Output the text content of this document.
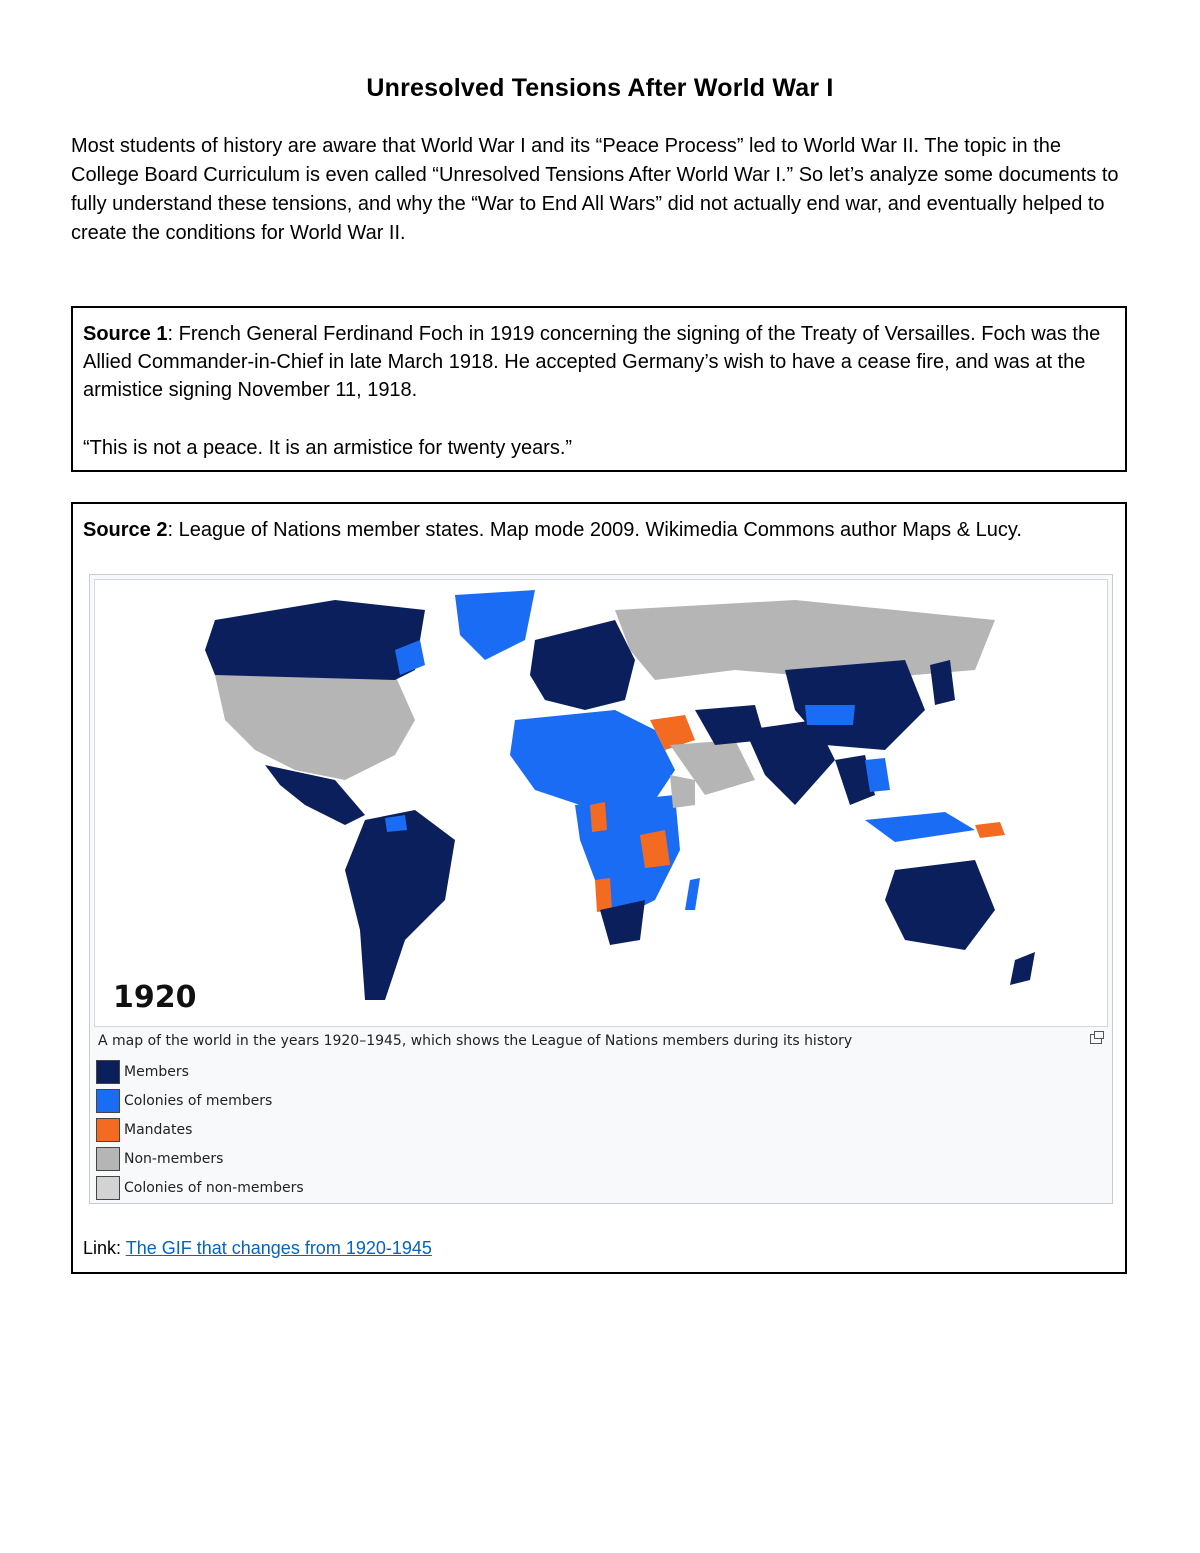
Unresolved Tensions After World War I
Most students of history are aware that World War I and its “Peace Process” led to World War II. The topic in the College Board Curriculum is even called “Unresolved Tensions After World War I.” So let’s analyze some documents to fully understand these tensions, and why the “War to End All Wars” did not actually end war, and eventually helped to create the conditions for World War II.

Source 1: French General Ferdinand Foch in 1919 concerning the signing of the Treaty of Versailles. Foch was the Allied Commander-in-Chief in late March 1918. He accepted Germany’s wish to have a cease fire, and was at the armistice signing November 11, 1918.

“This is not a peace. It is an armistice for twenty years.”

Source 2: League of Nations member states. Map mode 2009. Wikimedia Commons author Maps & Lucy.

1920
A map of the world in the years 1920–1945, which shows the League of Nations members during its history
Members
Colonies of members
Mandates
Non-members
Colonies of non-members
Link: The GIF that changes from 1920-1945
